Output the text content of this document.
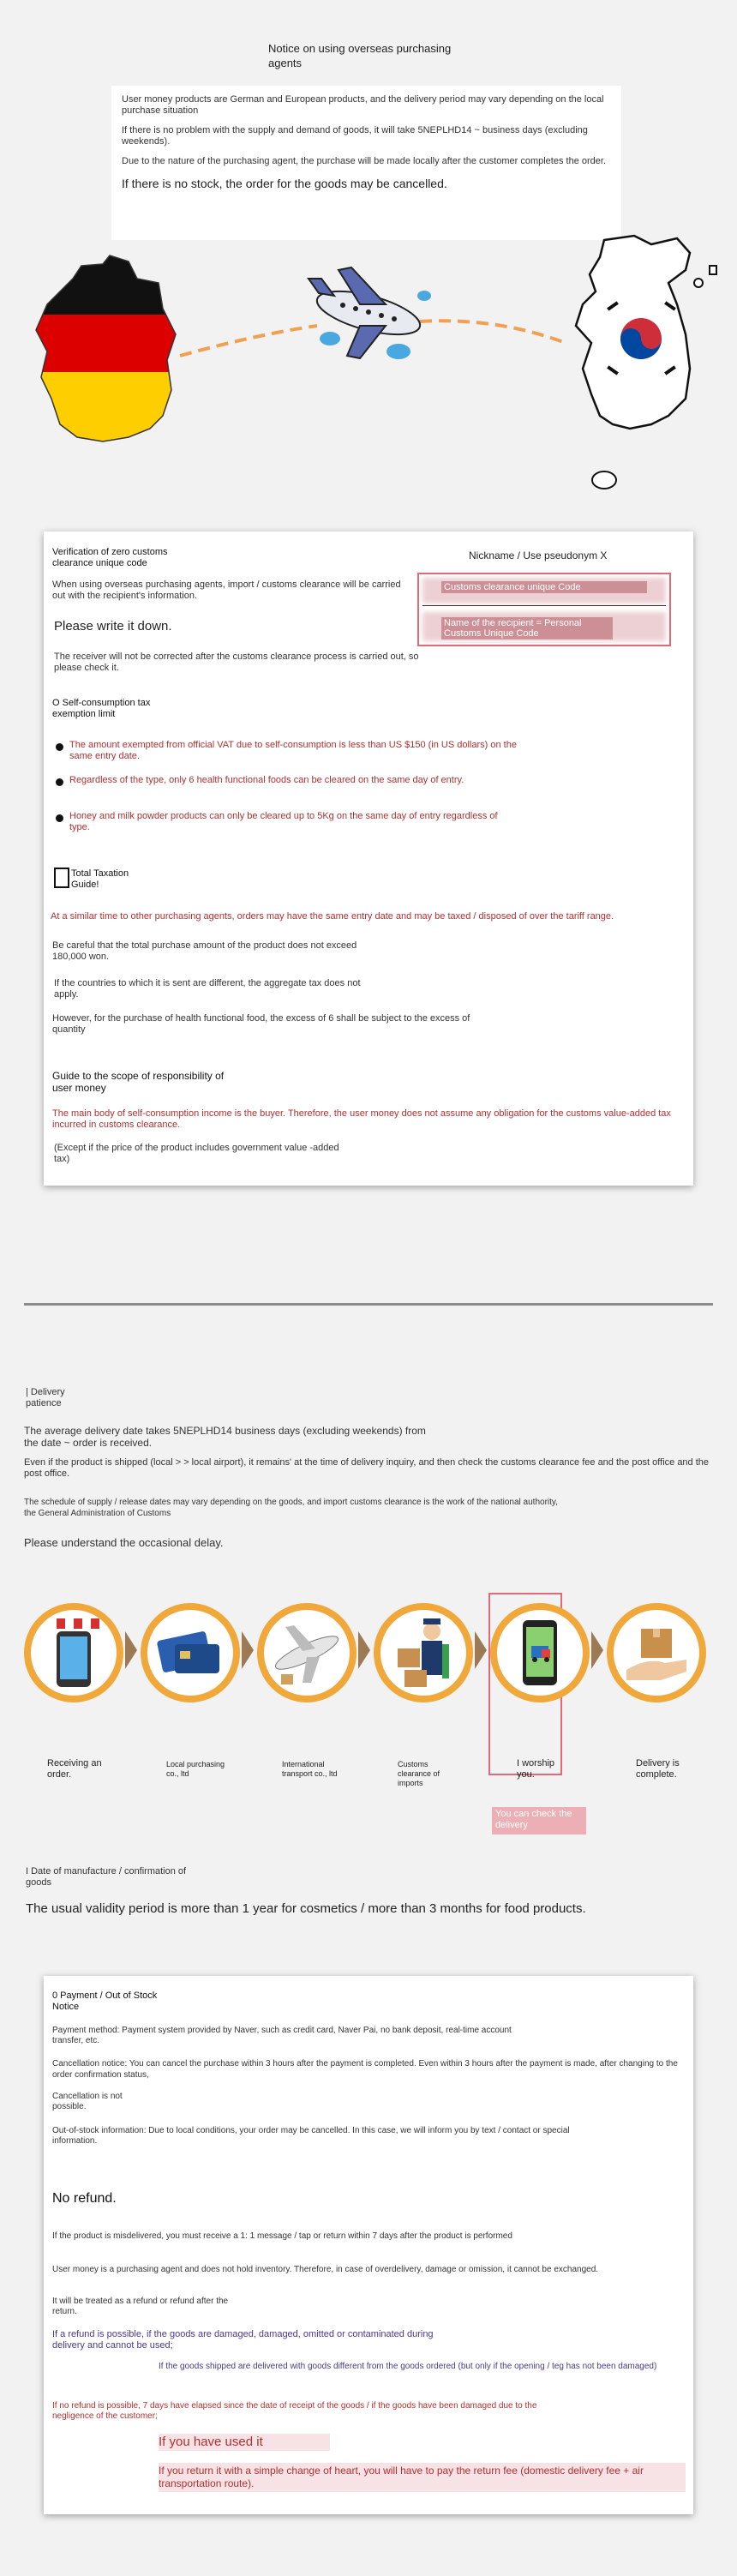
Notice on using overseas purchasing agents

User money products are German and European products, and the delivery period may vary depending on the local purchase situation

If there is no problem with the supply and demand of goods, it will take 5NEPLHD14 ~ business days (excluding weekends).

Due to the nature of the purchasing agent, the purchase will be made locally after the customer completes the order.

If there is no stock, the order for the goods may be cancelled.

Verification of zero customs clearance unique code
When using overseas purchasing agents, import / customs clearance will be carried out with the recipient's information.
Nickname / Use pseudonym X
Customs clearance unique Code
Name of the recipient = Personal Customs Unique Code
Please write it down.
The receiver will not be corrected after the customs clearance process is carried out, so please check it.
O Self-consumption tax exemption limit
The amount exempted from official VAT due to self-consumption is less than US $150 (in US dollars) on the same entry date.
Regardless of the type, only 6 health functional foods can be cleared on the same day of entry.
Honey and milk powder products can only be cleared up to 5Kg on the same day of entry regardless of type.
Total Taxation Guide!
At a similar time to other purchasing agents, orders may have the same entry date and may be taxed / disposed of over the tariff range.
Be careful that the total purchase amount of the product does not exceed 180,000 won.
If the countries to which it is sent are different, the aggregate tax does not apply.
However, for the purchase of health functional food, the excess of 6 shall be subject to the excess of quantity
Guide to the scope of responsibility of user money
The main body of self-consumption income is the buyer. Therefore, the user money does not assume any obligation for the customs value-added tax incurred in customs clearance.
(Except if the price of the product includes government value -added tax)
| Delivery patience
The average delivery date takes 5NEPLHD14 business days (excluding weekends) from the date ~ order is received.
Even if the product is shipped (local > > local airport), it remains' at the time of delivery inquiry, and then check the customs clearance fee and the post office and the post office.
The schedule of supply / release dates may vary depending on the goods, and import customs clearance is the work of the national authority, the General Administration of Customs
Please understand the occasional delay.
Receiving an order.
Local purchasing co., ltd
International transport co., ltd
Customs clearance of imports
I worship you.
Delivery is complete.
You can check the delivery
I Date of manufacture / confirmation of goods
The usual validity period is more than 1 year for cosmetics / more than 3 months for food products.
0 Payment / Out of Stock Notice
Payment method: Payment system provided by Naver, such as credit card, Naver Pai, no bank deposit, real-time account transfer, etc.
Cancellation notice: You can cancel the purchase within 3 hours after the payment is completed. Even within 3 hours after the payment is made, after changing to the order confirmation status,
Cancellation is not possible.
Out-of-stock information: Due to local conditions, your order may be cancelled. In this case, we will inform you by text / contact or special information.
No refund.
If the product is misdelivered, you must receive a 1: 1 message / tap or return within 7 days after the product is performed
User money is a purchasing agent and does not hold inventory. Therefore, in case of overdelivery, damage or omission, it cannot be exchanged.
It will be treated as a refund or refund after the return.
If a refund is possible, if the goods are damaged, damaged, omitted or contaminated during delivery and cannot be used;
If the goods shipped are delivered with goods different from the goods ordered (but only if the opening / teg has not been damaged)
If no refund is possible, 7 days have elapsed since the date of receipt of the goods / if the goods have been damaged due to the negligence of the customer;
If you have used it
If you return it with a simple change of heart, you will have to pay the return fee (domestic delivery fee + air transportation route).
